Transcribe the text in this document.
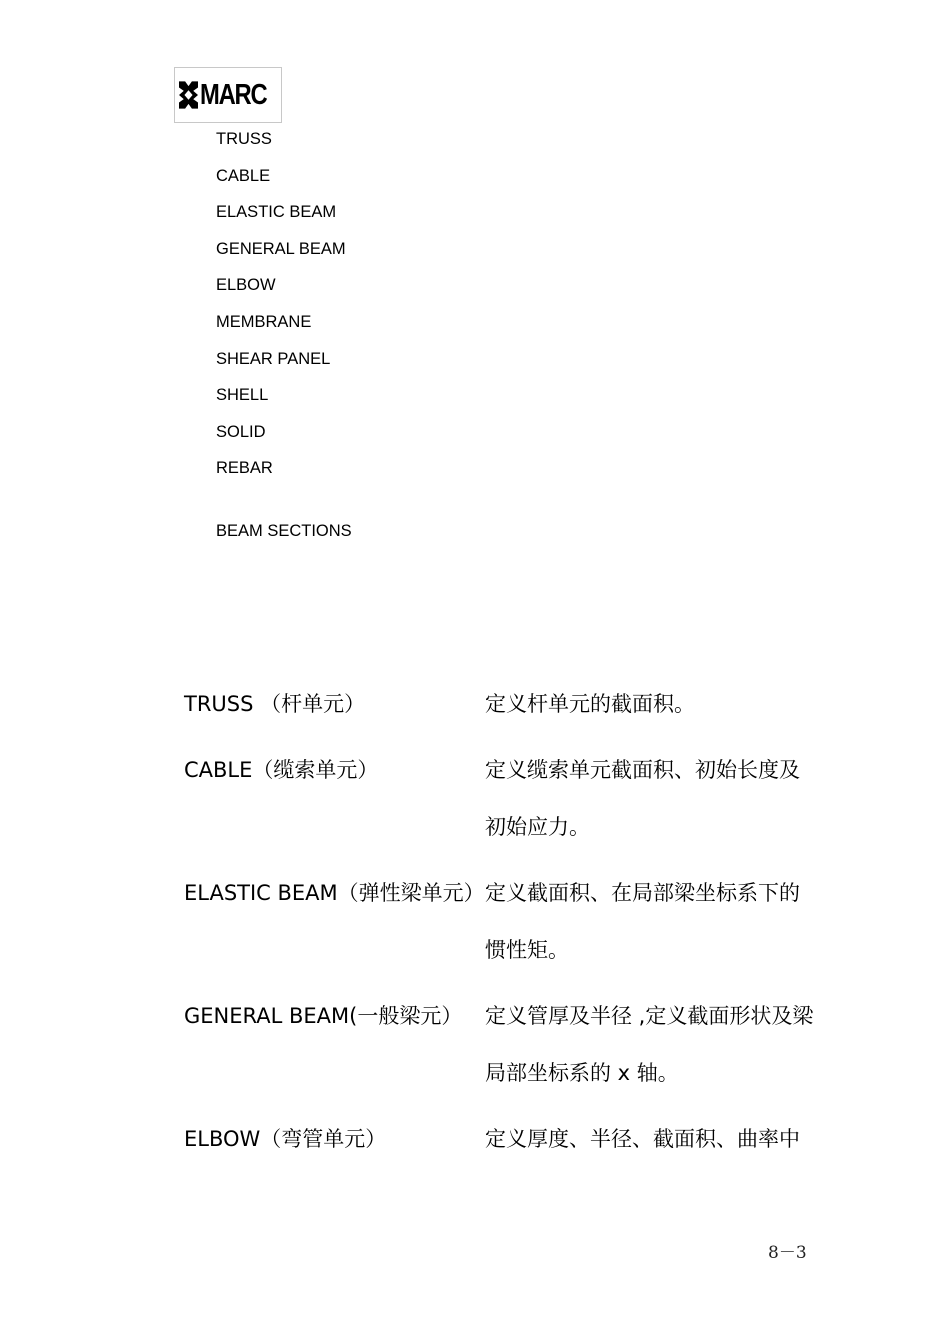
MARC
TRUSS
CABLE
ELASTIC BEAM
GENERAL BEAM
ELBOW
MEMBRANE
SHEAR PANEL
SHELL
SOLID
REBAR
BEAM SECTIONS
TRUSS （杆单元）	定义杆单元的截面积。
CABLE（缆索单元）	定义缆索单元截面积、初始长度及初始应力。
ELASTIC BEAM（弹性梁单元） 定义截面积、在局部梁坐标系下的惯性矩。
GENERAL BEAM(一般梁元）	定义管厚及半径 ,定义截面形状及梁局部坐标系的 x 轴。
ELBOW（弯管单元）	定义厚度、半径、截面积、曲率中
8－3
